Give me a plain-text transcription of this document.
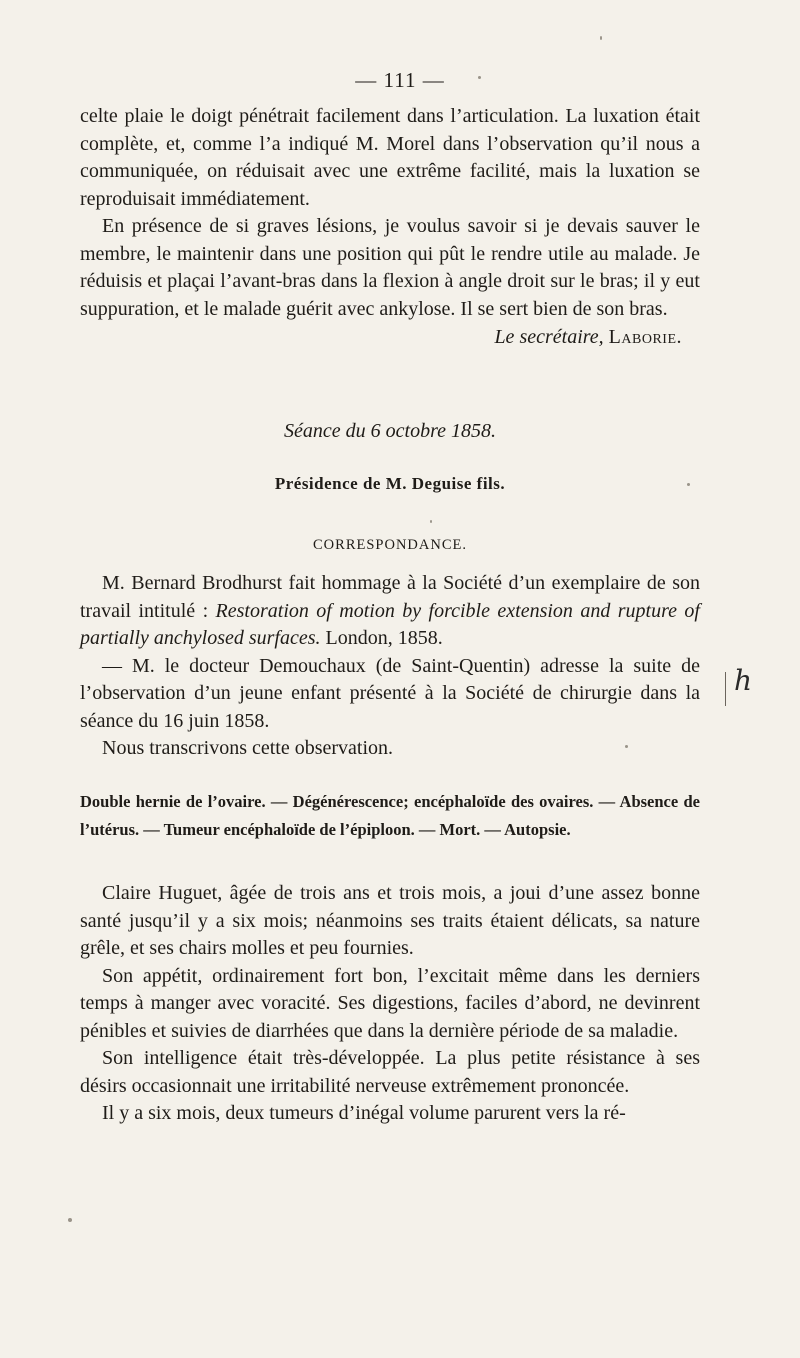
— 111 —

celte plaie le doigt pénétrait facilement dans l’articulation. La luxation était complète, et, comme l’a indiqué M. Morel dans l’observation qu’il nous a communiquée, on réduisait avec une extrême facilité, mais la luxation se reproduisait immédiatement.

En présence de si graves lésions, je voulus savoir si je devais sauver le membre, le maintenir dans une position qui pût le rendre utile au malade. Je réduisis et plaçai l’avant-bras dans la flexion à angle droit sur le bras; il y eut suppuration, et le malade guérit avec ankylose. Il se sert bien de son bras.

Le secrétaire, Laborie.

Séance du 6 octobre 1858.
Présidence de M. Deguise fils.
CORRESPONDANCE.

M. Bernard Brodhurst fait hommage à la Société d’un exemplaire de son travail intitulé : Restoration of motion by forcible extension and rupture of partially anchylosed surfaces. London, 1858.

— M. le docteur Demouchaux (de Saint-Quentin) adresse la suite de l’observation d’un jeune enfant présenté à la Société de chirurgie dans la séance du 16 juin 1858.

Nous transcrivons cette observation.

Double hernie de l’ovaire. — Dégénérescence; encéphaloïde des ovaires. — Absence de l’utérus. — Tumeur encéphaloïde de l’épiploon. — Mort. — Autopsie.

Claire Huguet, âgée de trois ans et trois mois, a joui d’une assez bonne santé jusqu’il y a six mois; néanmoins ses traits étaient délicats, sa nature grêle, et ses chairs molles et peu fournies.

Son appétit, ordinairement fort bon, l’excitait même dans les derniers temps à manger avec voracité. Ses digestions, faciles d’abord, ne devinrent pénibles et suivies de diarrhées que dans la dernière période de sa maladie.

Son intelligence était très-développée. La plus petite résistance à ses désirs occasionnait une irritabilité nerveuse extrêmement prononcée.

Il y a six mois, deux tumeurs d’inégal volume parurent vers la ré-

h
